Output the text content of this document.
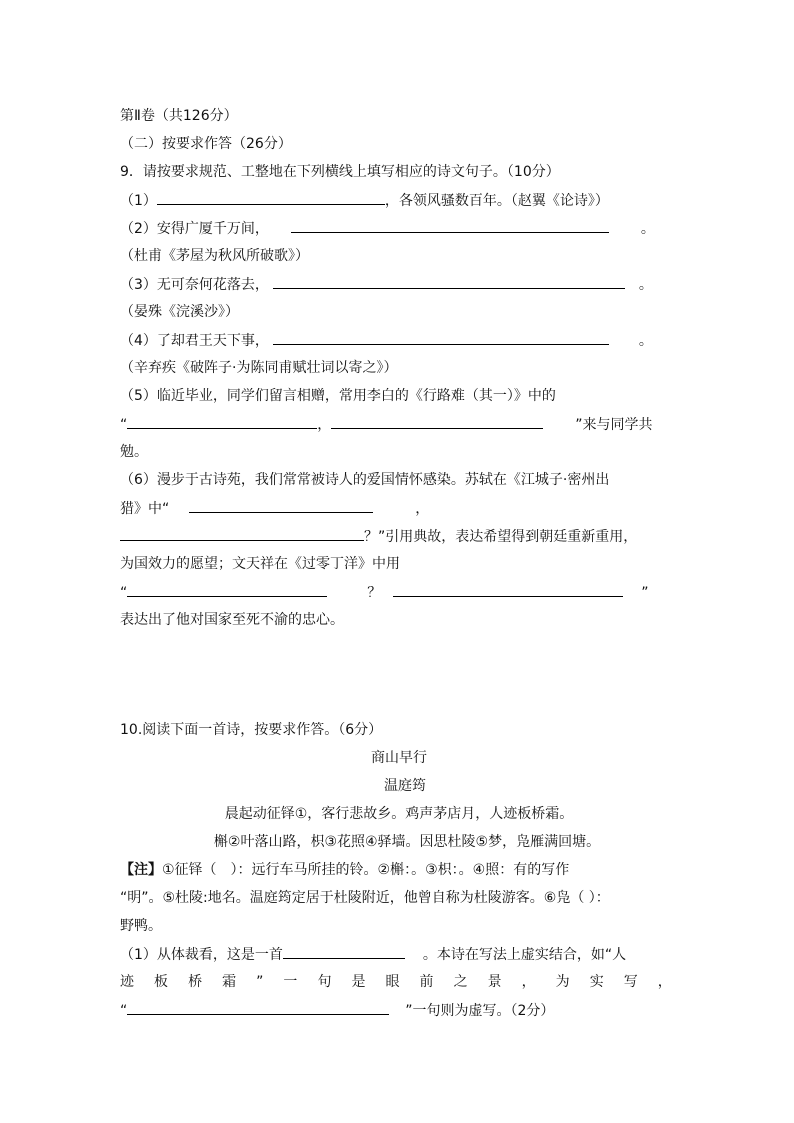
第Ⅱ卷（共126分）
（二）按要求作答（26分）
9．请按要求规范、工整地在下列横线上填写相应的诗文句子。（10分）
（1）	，各领风骚数百年。（赵翼《论诗》）
（2）安得广厦千万间，	。
（杜甫《茅屋为秋风所破歌》）
（3）无可奈何花落去，	。
（晏殊《浣溪沙》）
（4）了却君王天下事，	。
（辛弃疾《破阵子·为陈同甫赋壮词以寄之》）
（5）临近毕业，同学们留言相赠，常用李白的《行路难（其一）》中的
“	，	”来与同学共
勉。
（6）漫步于古诗苑，我们常常被诗人的爱国情怀感染。苏轼在《江城子·密州出
猎》中“	，
？”引用典故，表达希望得到朝廷重新重用，
为国效力的愿望；文天祥在《过零丁洋》中用
“	？	”
表达出了他对国家至死不渝的忠心。
10.阅读下面一首诗，按要求作答。（6分）
商山早行
温庭筠
晨起动征铎①，客行悲故乡。鸡声茅店月，人迹板桥霜。
槲②叶落山路，枳③花照④驿墙。因思杜陵⑤梦，凫雁满回塘。
【注】①征铎（　）：远行车马所挂的铃。②槲：。③枳：。④照：有的写作
“明”。⑤杜陵:地名。温庭筠定居于杜陵附近，他曾自称为杜陵游客。⑥凫（ ）：
野鸭。
（1）从体裁看，这是一首	。本诗在写法上虚实结合，如“人
迹 板 桥 霜 ” 一 句 是 眼 前 之 景 ， 为 实 写 ，
“	”一句则为虚写。（2分）
